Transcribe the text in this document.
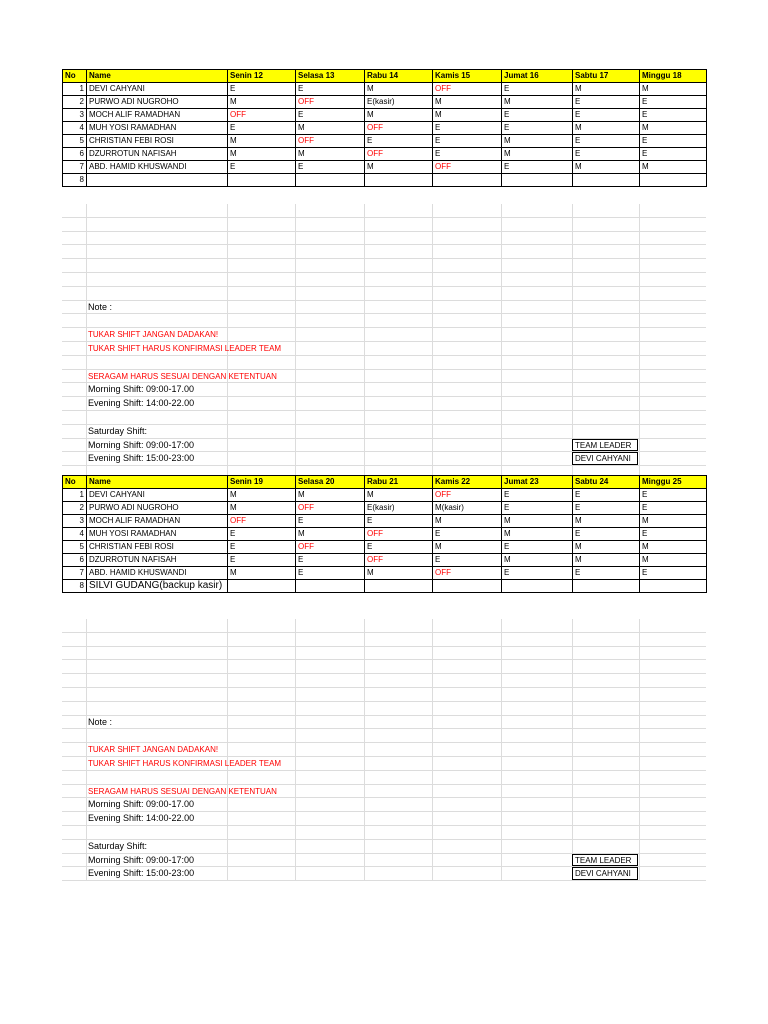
No	Name	Senin 12	Selasa 13	Rabu 14	Kamis 15	Jumat 16	Sabtu 17	Minggu 18
1	DEVI CAHYANI	E	E	M	OFF	E	M	M
2	PURWO ADI NUGROHO	M	OFF	E(kasir)	M	M	E	E
3	MOCH ALIF RAMADHAN	OFF	E	M	M	E	E	E
4	MUH YOSI RAMADHAN	E	M	OFF	E	E	M	M
5	CHRISTIAN FEBI ROSI	M	OFF	E	E	M	E	E
6	DZURROTUN NAFISAH	M	M	OFF	E	M	E	E
7	ABD. HAMID KHUSWANDI	E	E	M	OFF	E	M	M
8								
Note :
TUKAR SHIFT JANGAN DADAKAN!
TUKAR SHIFT HARUS KONFIRMASI LEADER TEAM
SERAGAM HARUS SESUAI DENGAN KETENTUAN
Morning Shift: 09:00-17.00
Evening Shift: 14:00-22.00
Saturday Shift:
Morning Shift: 09:00-17:00	TEAM LEADER
Evening Shift: 15:00-23:00	DEVI CAHYANI
No	Name	Senin 19	Selasa 20	Rabu 21	Kamis 22	Jumat 23	Sabtu 24	Minggu 25
1	DEVI CAHYANI	M	M	M	OFF	E	E	E
2	PURWO ADI NUGROHO	M	OFF	E(kasir)	M(kasir)	E	E	E
3	MOCH ALIF RAMADHAN	OFF	E	E	M	M	M	M
4	MUH YOSI RAMADHAN	E	M	OFF	E	M	E	E
5	CHRISTIAN FEBI ROSI	E	OFF	E	M	E	M	M
6	DZURROTUN NAFISAH	E	E	OFF	E	M	M	M
7	ABD. HAMID KHUSWANDI	M	E	M	OFF	E	E	E
8	SILVI GUDANG(backup kasir)							
Note :
TUKAR SHIFT JANGAN DADAKAN!
TUKAR SHIFT HARUS KONFIRMASI LEADER TEAM
SERAGAM HARUS SESUAI DENGAN KETENTUAN
Morning Shift: 09:00-17.00
Evening Shift: 14:00-22.00
Saturday Shift:
Morning Shift: 09:00-17:00	TEAM LEADER
Evening Shift: 15:00-23:00	DEVI CAHYANI
